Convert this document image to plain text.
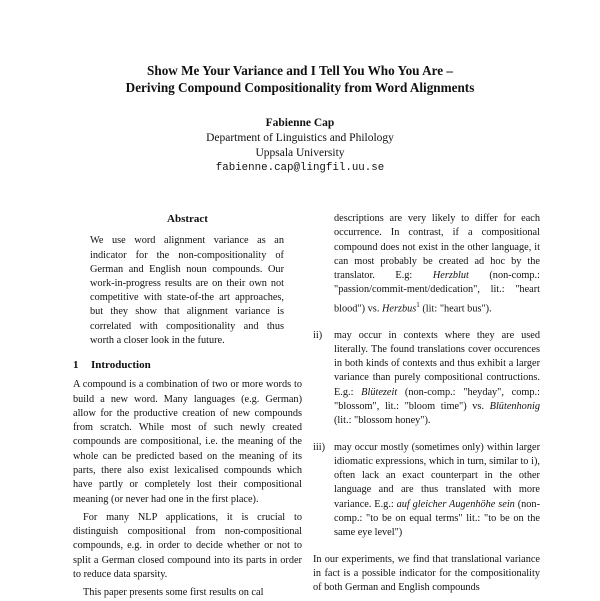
Show Me Your Variance and I Tell You Who You Are –
Deriving Compound Compositionality from Word Alignments
Fabienne Cap
Department of Linguistics and Philology
Uppsala University
fabienne.cap@lingfil.uu.se
Abstract

We use word alignment variance as an indicator for the non-compositionality of German and English noun compounds. Our work-in-progress results are on their own not competitive with state-of-the art approaches, but they show that alignment variance is correlated with compositionality and thus worth a closer look in the future.

1 Introduction

A compound is a combination of two or more words to build a new word. Many languages (e.g. German) allow for the productive creation of new compounds from scratch. While most of such newly created compounds are compositional, i.e. the meaning of the whole can be predicted based on the meaning of its parts, there also exist lexicalised compounds which have partly or completely lost their compositional meaning (or never had one in the first place).

For many NLP applications, it is crucial to distinguish compositional from non-compositional compounds, e.g. in order to decide whether or not to split a German closed compound into its parts in order to reduce data sparsity.

This paper presents some first results on cal

descriptions are very likely to differ for each occurrence. In contrast, if a compositional compound does not exist in the other language, it can most probably be created ad hoc by the translator. E.g: Herzblut (non-comp.: "passion/commit-ment/dedication", lit.: "heart blood") vs. Herzbus$^1$ (lit: "heart bus").

ii) may occur in contexts where they are used literally. The found translations cover occurences in both kinds of contexts and thus exhibit a larger variance than purely compositional contructions. E.g.: Blütezeit (non-comp.: "heyday", comp.: "blossom", lit.: "bloom time") vs. Blütenhonig (lit.: "blossom honey").

iii) may occur mostly (sometimes only) within larger idiomatic expressions, which in turn, similar to i), often lack an exact counterpart in the other language and are thus translated with more variance. E.g.: auf gleicher Augenhöhe sein (non-comp.: "to be on equal terms" lit.: "to be on the same eye level")

In our experiments, we find that translational variance in fact is a possible indicator for the compositionality of both German and English compounds
